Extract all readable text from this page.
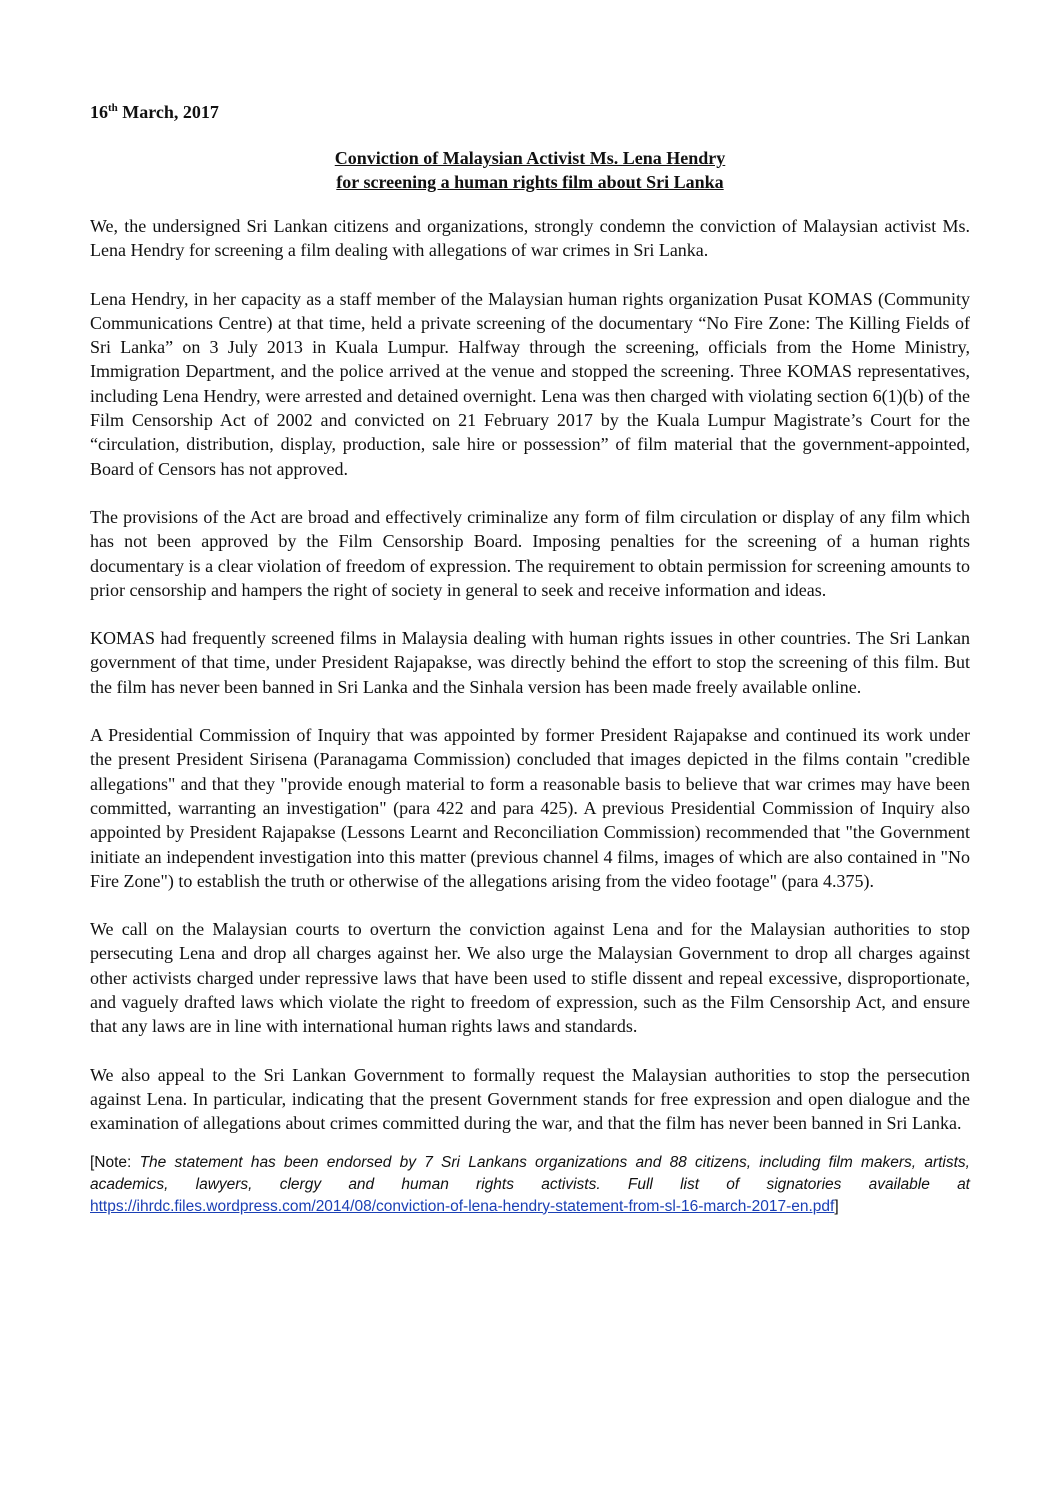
16th March, 2017
Conviction of Malaysian Activist Ms. Lena Hendry
for screening a human rights film about Sri Lanka

We, the undersigned Sri Lankan citizens and organizations, strongly condemn the conviction of Malaysian activist Ms. Lena Hendry for screening a film dealing with allegations of war crimes in Sri Lanka.

Lena Hendry, in her capacity as a staff member of the Malaysian human rights organization Pusat KOMAS (Community Communications Centre) at that time, held a private screening of the documentary “No Fire Zone: The Killing Fields of Sri Lanka” on 3 July 2013 in Kuala Lumpur. Halfway through the screening, officials from the Home Ministry, Immigration Department, and the police arrived at the venue and stopped the screening. Three KOMAS representatives, including Lena Hendry, were arrested and detained overnight. Lena was then charged with violating section 6(1)(b) of the Film Censorship Act of 2002 and convicted on 21 February 2017 by the Kuala Lumpur Magistrate’s Court for the “circulation, distribution, display, production, sale hire or possession” of film material that the government-appointed, Board of Censors has not approved.

The provisions of the Act are broad and effectively criminalize any form of film circulation or display of any film which has not been approved by the Film Censorship Board. Imposing penalties for the screening of a human rights documentary is a clear violation of freedom of expression. The requirement to obtain permission for screening amounts to prior censorship and hampers the right of society in general to seek and receive information and ideas.

KOMAS had frequently screened films in Malaysia dealing with human rights issues in other countries. The Sri Lankan government of that time, under President Rajapakse, was directly behind the effort to stop the screening of this film. But the film has never been banned in Sri Lanka and the Sinhala version has been made freely available online.

A Presidential Commission of Inquiry that was appointed by former President Rajapakse and continued its work under the present President Sirisena (Paranagama Commission) concluded that images depicted in the films contain "credible allegations" and that they "provide enough material to form a reasonable basis to believe that war crimes may have been committed, warranting an investigation" (para 422 and para 425). A previous Presidential Commission of Inquiry also appointed by President Rajapakse (Lessons Learnt and Reconciliation Commission) recommended that "the Government initiate an independent investigation into this matter (previous channel 4 films, images of which are also contained in "No Fire Zone") to establish the truth or otherwise of the allegations arising from the video footage" (para 4.375).

We call on the Malaysian courts to overturn the conviction against Lena and for the Malaysian authorities to stop persecuting Lena and drop all charges against her. We also urge the Malaysian Government to drop all charges against other activists charged under repressive laws that have been used to stifle dissent and repeal excessive, disproportionate, and vaguely drafted laws which violate the right to freedom of expression, such as the Film Censorship Act, and ensure that any laws are in line with international human rights laws and standards.

We also appeal to the Sri Lankan Government to formally request the Malaysian authorities to stop the persecution against Lena. In particular, indicating that the present Government stands for free expression and open dialogue and the examination of allegations about crimes committed during the war, and that the film has never been banned in Sri Lanka.

[Note: The statement has been endorsed by 7 Sri Lankans organizations and 88 citizens, including film makers, artists, academics, lawyers, clergy and human rights activists. Full list of signatories available at https://ihrdc.files.wordpress.com/2014/08/conviction-of-lena-hendry-statement-from-sl-16-march-2017-en.pdf]
